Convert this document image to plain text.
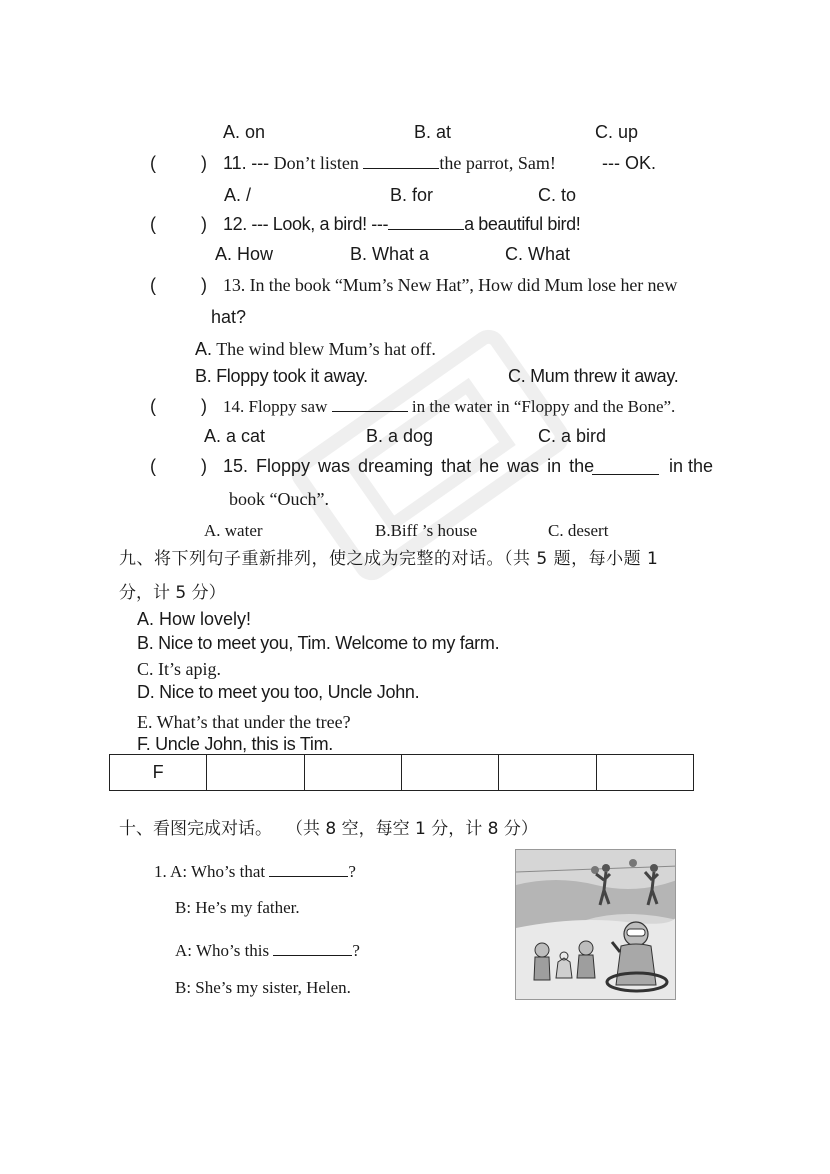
A. on	B. at	C. up
(	) 11. --- Don’t listen	the parrot, Sam!	--- OK.
A. /	B. for	C. to
(	) 12. --- Look, a bird! ---	a beautiful bird!
A. How	B. What a	C. What
(	) 13. In the book “Mum’s New Hat”, How did Mum lose her new
hat?
A. The wind blew Mum’s hat off.
B. Floppy took it away.	C. Mum threw it away.
(	) 14. Floppy saw	in the water in “Floppy and the Bone”.
A. a cat	B. a dog	C. a bird
(	) 15. Floppy was dreaming that he was in the	in the
book “Ouch”.
A. water	B.Biff ’s house	C. desert
九、将下列句子重新排列，使之成为完整的对话。（共 5 题，每小题 1
分，计 5 分）
A. How lovely!
B. Nice to meet you, Tim. Welcome to my farm.
C. It’s apig.
D. Nice to meet you too, Uncle John.
E. What’s that under the tree?
F. Uncle John, this is Tim.
F					
十、看图完成对话。 （共 8 空，每空 1 分，计 8 分）
1. A: Who’s that	?
B: He’s my father.
A: Who’s this	?
B: She’s my sister, Helen.
